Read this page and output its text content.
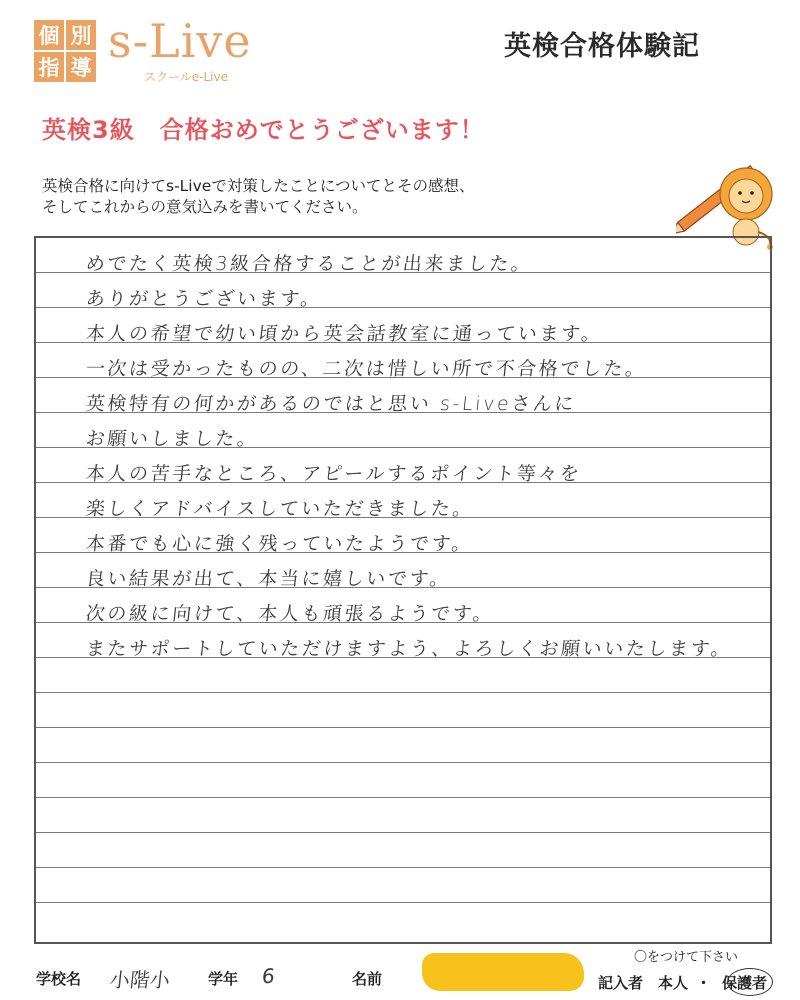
個 別
指 導 s-Live
スクールe-Live
英検合格体験記
英検3級　合格おめでとうございます！
英検合格に向けてs-Liveで対策したことについてとその感想、
そしてこれからの意気込みを書いてください。
めでたく英検3級合格することが出来ました。
ありがとうございます。
本人の希望で幼い頃から英会話教室に通っています。
一次は受かったものの、二次は惜しい所で不合格でした。
英検特有の何かがあるのではと思い s-Liveさんに
お願いしました。
本人の苦手なところ、アピールするポイント等々を
楽しくアドバイスしていただきました。
本番でも心に強く残っていたようです。
良い結果が出て、本当に嬉しいです。
次の級に向けて、本人も頑張るようです。
またサポートしていただけますよう、よろしくお願いいたします。
学校名 小階小 学年 6	名前
〇をつけて下さい
記入者 本人 ・ 保護者
